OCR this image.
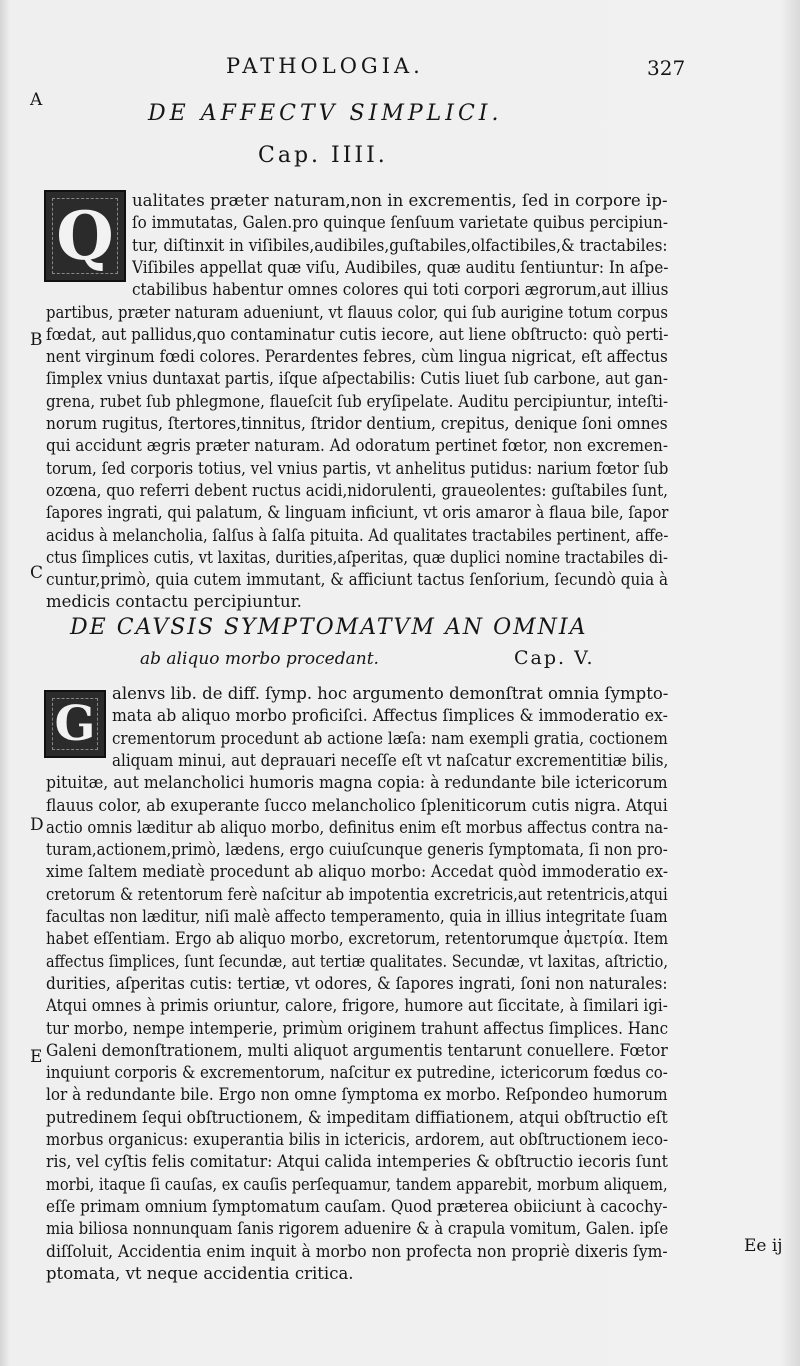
PATHOLOGIA.	327
A
B
C
D
E
DE AFFECTV SIMPLICI.
Cap. IIII.
Q ualitates præter naturam,non in excrementis, ſed in corpore ip-
ſo immutatas, Galen.pro quinque ſenſuum varietate quibus percipiun-
tur, diſtinxit in viſibiles,audibiles,guſtabiles,olfactibiles,& tractabiles:
Viſibiles appellat quæ viſu, Audibiles, quæ auditu ſentiuntur: In aſpe-
ctabilibus habentur omnes colores qui toti corpori ægrorum,aut illius
partibus, præter naturam adueniunt, vt flauus color, qui ſub aurigine totum corpus
fœdat, aut pallidus,quo contaminatur cutis iecore, aut liene obſtructo: quò perti-
nent virginum fœdi colores. Perardentes febres, cùm lingua nigricat, eſt affectus
ſimplex vnius duntaxat partis, iſque aſpectabilis: Cutis liuet ſub carbone, aut gan-
grena, rubet ſub phlegmone, flaueſcit ſub eryſipelate. Auditu percipiuntur, inteſti-
norum rugitus, ſtertores,tinnitus, ſtridor dentium, crepitus, denique ſoni omnes
qui accidunt ægris præter naturam. Ad odoratum pertinet fœtor, non excremen-
torum, ſed corporis totius, vel vnius partis, vt anhelitus putidus: narium fœtor ſub
ozœna, quo referri debent ructus acidi,nidorulenti, graueolentes: guſtabiles ſunt,
ſapores ingrati, qui palatum, & linguam inficiunt, vt oris amaror à flaua bile, ſapor
acidus à melancholia, ſalſus à ſalſa pituita. Ad qualitates tractabiles pertinent, affe-
ctus ſimplices cutis, vt laxitas, durities,aſperitas, quæ duplici nomine tractabiles di-
cuntur,primò, quia cutem immutant, & afficiunt tactus ſenſorium, ſecundò quia à
medicis contactu percipiuntur.
DE CAVSIS SYMPTOMATVM AN OMNIA
ab aliquo morbo procedant.	Cap. V.
G
alenvs lib. de diff. ſymp. hoc argumento demonſtrat omnia ſympto-
mata ab aliquo morbo proficiſci. Affectus ſimplices & immoderatio ex-
crementorum procedunt ab actione læſa: nam exempli gratia, coctionem
aliquam minui, aut deprauari neceſſe eſt vt naſcatur excrementitiæ bilis,
pituitæ, aut melancholici humoris magna copia: à redundante bile ictericorum
flauus color, ab exuperante ſucco melancholico ſpleniticorum cutis nigra. Atqui
actio omnis læditur ab aliquo morbo, definitus enim eſt morbus affectus contra na-
turam,actionem,primò, lædens, ergo cuiuſcunque generis ſymptomata, ſi non pro-
xime ſaltem mediatè procedunt ab aliquo morbo: Accedat quòd immoderatio ex-
cretorum & retentorum ferè naſcitur ab impotentia excretricis,aut retentricis,atqui
facultas non læditur, niſi malè affecto temperamento, quia in illius integritate ſuam
habet eſſentiam. Ergo ab aliquo morbo, excretorum, retentorumque ἀμετρία. Item
affectus ſimplices, ſunt ſecundæ, aut tertiæ qualitates. Secundæ, vt laxitas, aſtrictio,
durities, aſperitas cutis: tertiæ, vt odores, & ſapores ingrati, ſoni non naturales:
Atqui omnes à primis oriuntur, calore, frigore, humore aut ſiccitate, à ſimilari igi-
tur morbo, nempe intemperie, primùm originem trahunt affectus ſimplices. Hanc
Galeni demonſtrationem, multi aliquot argumentis tentarunt conuellere. Fœtor
inquiunt corporis & excrementorum, naſcitur ex putredine, ictericorum fœdus co-
lor à redundante bile. Ergo non omne ſymptoma ex morbo. Reſpondeo humorum
putredinem ſequi obſtructionem, & impeditam diffiationem, atqui obſtructio eſt
morbus organicus: exuperantia bilis in ictericis, ardorem, aut obſtructionem ieco-
ris, vel cyſtis felis comitatur: Atqui calida intemperies & obſtructio iecoris ſunt
morbi, itaque ſi cauſas, ex cauſis perſequamur, tandem apparebit, morbum aliquem,
eſſe primam omnium ſymptomatum cauſam. Quod præterea obiiciunt à cacochy-
mia biliosa nonnunquam ſanis rigorem aduenire & à crapula vomitum, Galen. ipſe
diſſoluit, Accidentia enim inquit à morbo non profecta non propriè dixeris ſym-
ptomata, vt neque accidentia critica.
Ee ij
